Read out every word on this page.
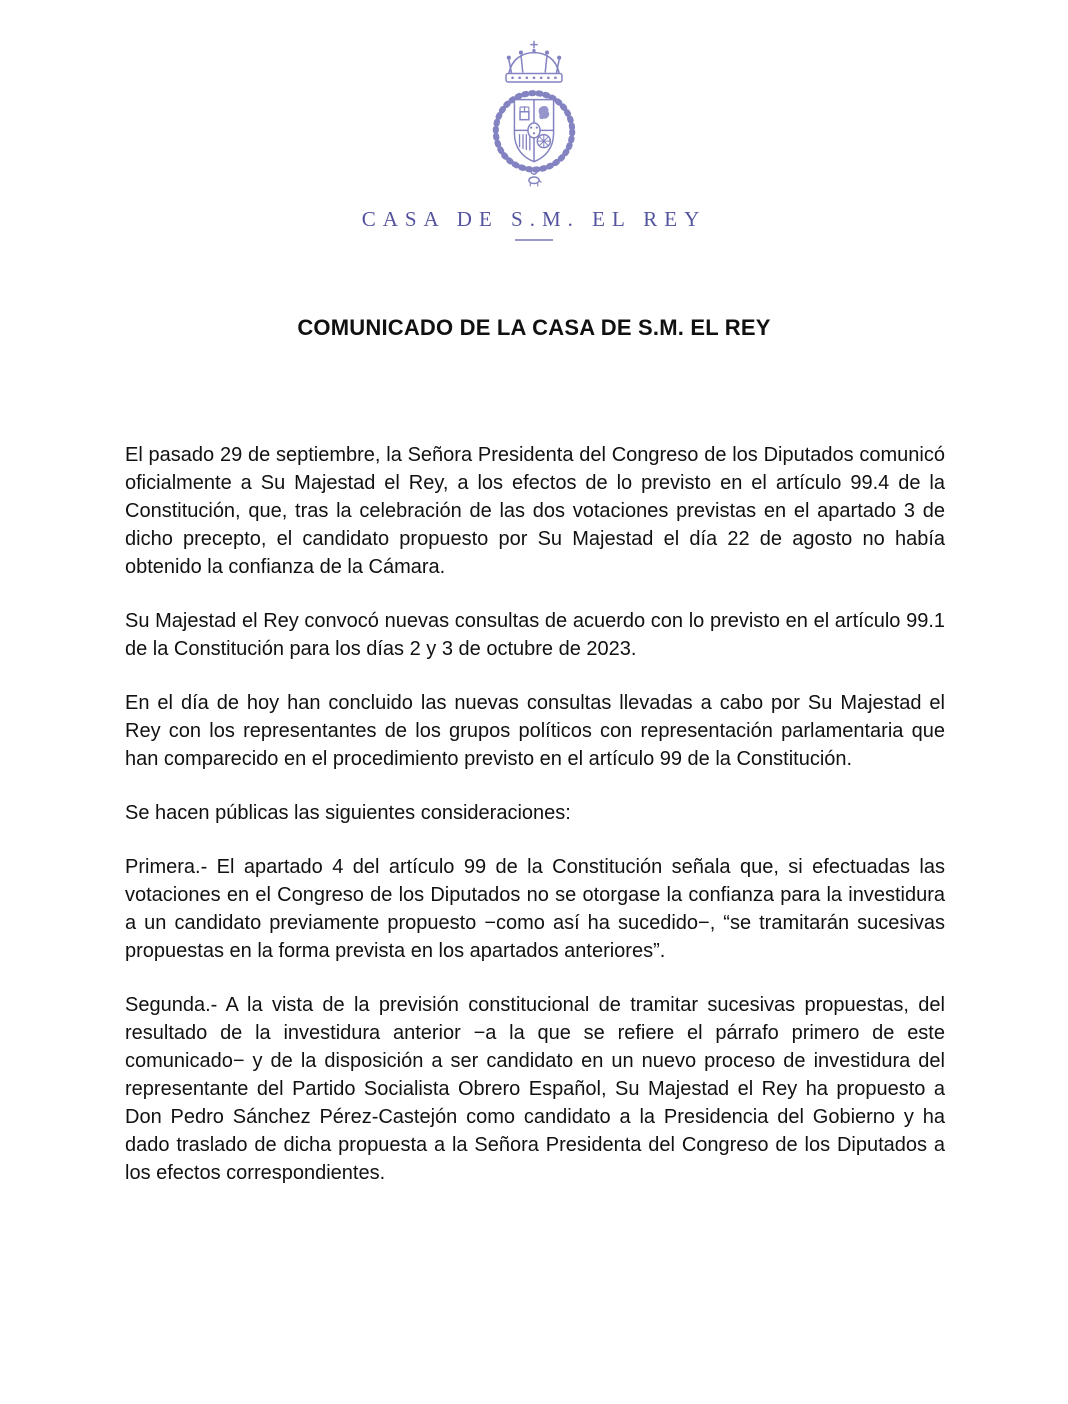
CASA DE S.M. EL REY
COMUNICADO DE LA CASA DE S.M. EL REY

El pasado 29 de septiembre, la Señora Presidenta del Congreso de los Diputados comunicó oficialmente a Su Majestad el Rey, a los efectos de lo previsto en el artículo 99.4 de la Constitución, que, tras la celebración de las dos votaciones previstas en el apartado 3 de dicho precepto, el candidato propuesto por Su Majestad el día 22 de agosto no había obtenido la confianza de la Cámara.

Su Majestad el Rey convocó nuevas consultas de acuerdo con lo previsto en el artículo 99.1 de la Constitución para los días 2 y 3 de octubre de 2023.

En el día de hoy han concluido las nuevas consultas llevadas a cabo por Su Majestad el Rey con los representantes de los grupos políticos con representación parlamentaria que han comparecido en el procedimiento previsto en el artículo 99 de la Constitución.

Se hacen públicas las siguientes consideraciones:

Primera.- El apartado 4 del artículo 99 de la Constitución señala que, si efectuadas las votaciones en el Congreso de los Diputados no se otorgase la confianza para la investidura a un candidato previamente propuesto −como así ha sucedido−, “se tramitarán sucesivas propuestas en la forma prevista en los apartados anteriores”.

Segunda.- A la vista de la previsión constitucional de tramitar sucesivas propuestas, del resultado de la investidura anterior −a la que se refiere el párrafo primero de este comunicado− y de la disposición a ser candidato en un nuevo proceso de investidura del representante del Partido Socialista Obrero Español, Su Majestad el Rey ha propuesto a Don Pedro Sánchez Pérez-Castejón como candidato a la Presidencia del Gobierno y ha dado traslado de dicha propuesta a la Señora Presidenta del Congreso de los Diputados a los efectos correspondientes.
